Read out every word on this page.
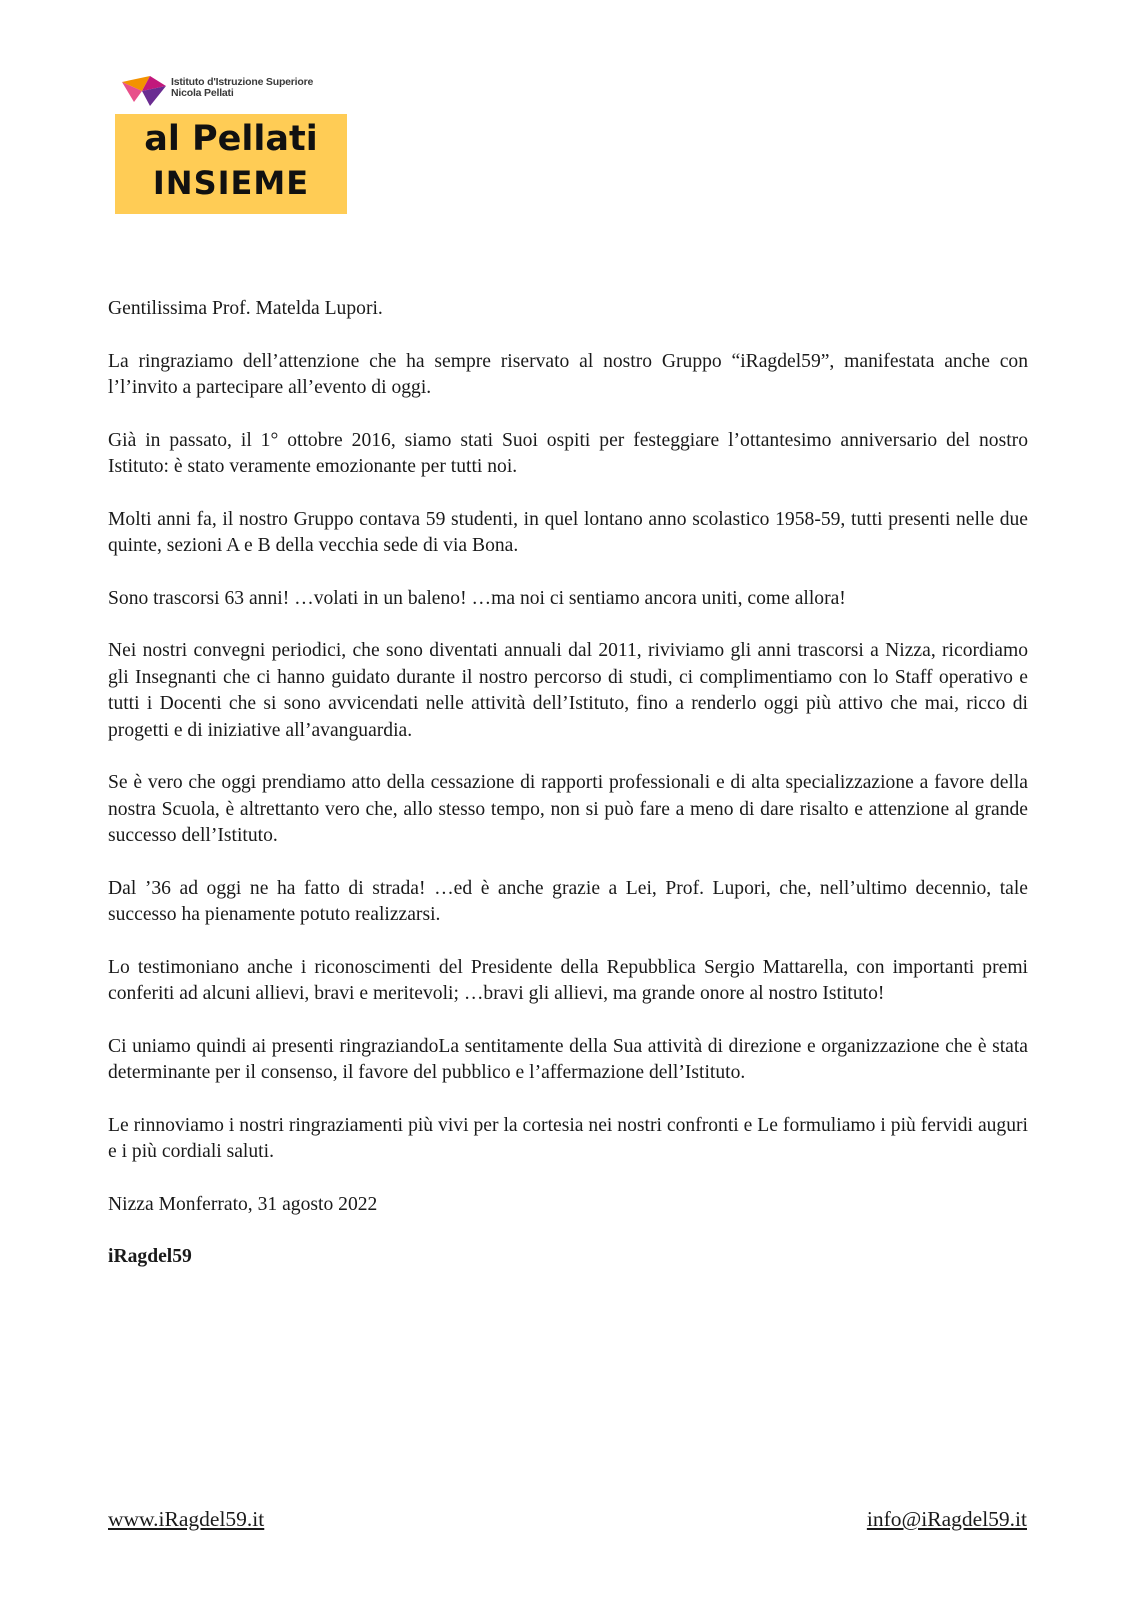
Istituto d'Istruzione Superiore
Nicola Pellati
al Pellati
INSIEME

Gentilissima Prof. Matelda Lupori.

La ringraziamo dell’attenzione che ha sempre riservato al nostro Gruppo “iRagdel59”, manifestata anche con l’l’invito a partecipare all’evento di oggi.

Già in passato, il 1° ottobre 2016, siamo stati Suoi ospiti per festeggiare l’ottantesimo anniversario del nostro Istituto: è stato veramente emozionante per tutti noi.

Molti anni fa, il nostro Gruppo contava 59 studenti, in quel lontano anno scolastico 1958-59, tutti presenti nelle due quinte, sezioni A e B della vecchia sede di via Bona.

Sono trascorsi 63 anni! …volati in un baleno! …ma noi ci sentiamo ancora uniti, come allora!

Nei nostri convegni periodici, che sono diventati annuali dal 2011, riviviamo gli anni trascorsi a Nizza, ricordiamo gli Insegnanti che ci hanno guidato durante il nostro percorso di studi, ci complimentiamo con lo Staff operativo e tutti i Docenti che si sono avvicendati nelle attività dell’Istituto, fino a renderlo oggi più attivo che mai, ricco di progetti e di iniziative all’avanguardia.

Se è vero che oggi prendiamo atto della cessazione di rapporti professionali e di alta specializzazione a favore della nostra Scuola, è altrettanto vero che, allo stesso tempo, non si può fare a meno di dare risalto e attenzione al grande successo dell’Istituto.

Dal ’36 ad oggi ne ha fatto di strada! …ed è anche grazie a Lei, Prof. Lupori, che, nell’ultimo decennio, tale successo ha pienamente potuto realizzarsi.

Lo testimoniano anche i riconoscimenti del Presidente della Repubblica Sergio Mattarella, con importanti premi conferiti ad alcuni allievi, bravi e meritevoli; …bravi gli allievi, ma grande onore al nostro Istituto!

Ci uniamo quindi ai presenti ringraziandoLa sentitamente della Sua attività di direzione e organizzazione che è stata determinante per il consenso, il favore del pubblico e l’affermazione dell’Istituto.

Le rinnoviamo i nostri ringraziamenti più vivi per la cortesia nei nostri confronti e Le formuliamo i più fervidi auguri e i più cordiali saluti.

Nizza Monferrato, 31 agosto 2022

iRagdel59

www.iRagdel59.it	info@iRagdel59.it
